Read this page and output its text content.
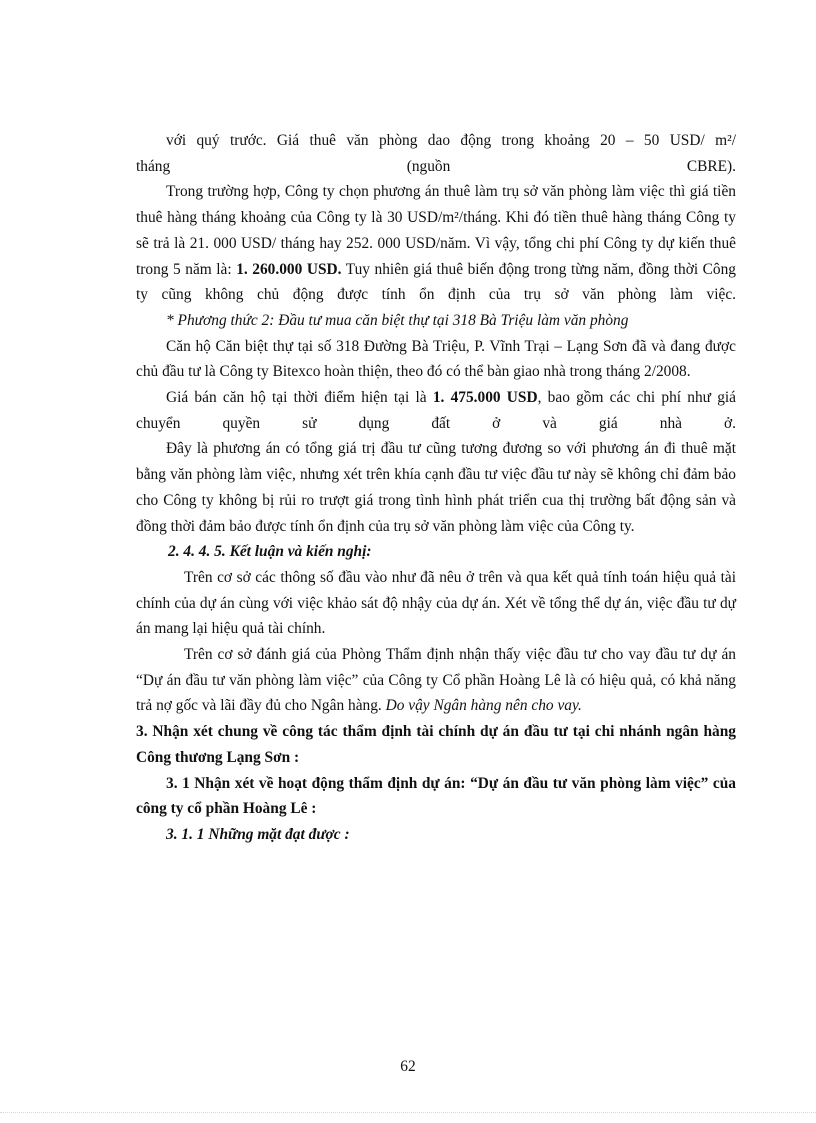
với quý trước. Giá thuê văn phòng dao động trong khoảng 20 – 50 USD/ m²/

tháng (nguồn CBRE).

Trong trường hợp, Công ty chọn phương án thuê làm trụ sở văn phòng làm việc thì giá tiền thuê hàng tháng khoảng của Công ty là 30 USD/m²/tháng. Khi đó tiền thuê hàng tháng Công ty sẽ trả là 21. 000 USD/ tháng hay 252. 000 USD/năm. Vì vậy, tổng chi phí Công ty dự kiến thuê trong 5 năm là: 1. 260.000 USD. Tuy nhiên giá thuê biến động trong từng năm, đồng thời Công ty cũng không chủ động được tính ổn định của trụ sở văn phòng làm việc.

* Phương thức 2: Đầu tư mua căn biệt thự tại 318 Bà Triệu làm văn phòng

Căn hộ Căn biệt thự tại số 318 Đường Bà Triệu, P. Vĩnh Trại – Lạng Sơn đã và đang được chủ đầu tư là Công ty Bitexco hoàn thiện, theo đó có thể bàn giao nhà trong tháng 2/2008.

Giá bán căn hộ tại thời điểm hiện tại là 1. 475.000 USD, bao gồm các chi phí như giá chuyển quyền sử dụng đất ở và giá nhà ở.

Đây là phương án có tổng giá trị đầu tư cũng tương đương so với phương án đi thuê mặt bằng văn phòng làm việc, nhưng xét trên khía cạnh đầu tư việc đầu tư này sẽ không chỉ đảm bảo cho Công ty không bị rủi ro trượt giá trong tình hình phát triển cua thị trường bất động sản và đồng thời đảm bảo được tính ổn định của trụ sở văn phòng làm việc của Công ty.

2. 4. 4. 5. Kết luận và kiến nghị:

Trên cơ sở các thông số đầu vào như đã nêu ở trên và qua kết quả tính toán hiệu quả tài chính của dự án cùng với việc khảo sát độ nhậy của dự án. Xét về tổng thể dự án, việc đầu tư dự án mang lại hiệu quả tài chính.

Trên cơ sở đánh giá của Phòng Thẩm định nhận thấy việc đầu tư cho vay đầu tư dự án “Dự án đầu tư văn phòng làm việc” của Công ty Cổ phần Hoàng Lê là có hiệu quả, có khả năng trả nợ gốc và lãi đầy đủ cho Ngân hàng. Do vậy Ngân hàng nên cho vay.

3. Nhận xét chung về công tác thẩm định tài chính dự án đầu tư tại chi nhánh ngân hàng Công thương Lạng Sơn :

3. 1 Nhận xét về hoạt động thẩm định dự án: “Dự án đầu tư văn phòng làm việc” của công ty cổ phần Hoàng Lê :

3. 1. 1 Những mặt đạt được :

62
